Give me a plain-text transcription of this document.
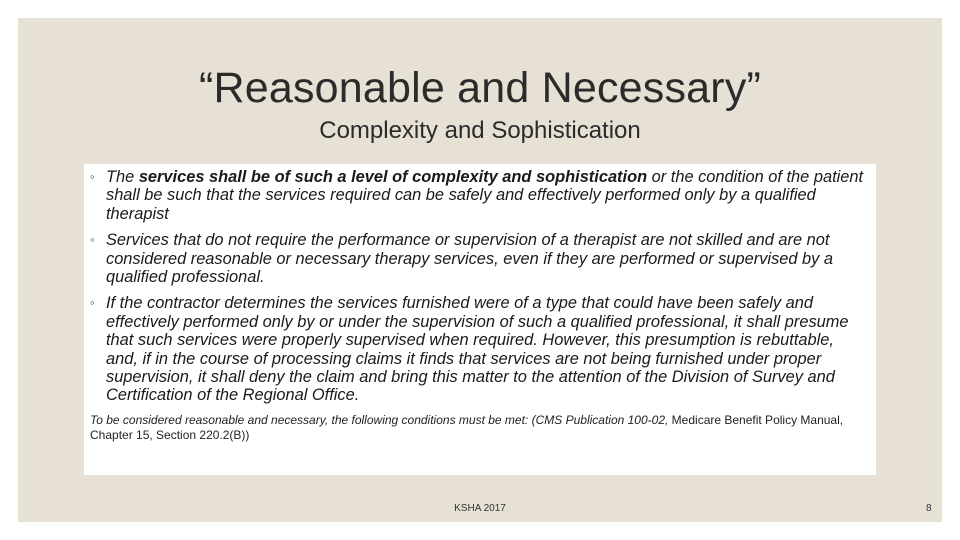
“Reasonable and Necessary”
Complexity and Sophistication
◦ The services shall be of such a level of complexity and sophistication or the condition of the patient shall be such that the services required can be safely and effectively performed only by a qualified therapist
◦ Services that do not require the performance or supervision of a therapist are not skilled and are not considered reasonable or necessary therapy services, even if they are performed or supervised by a qualified professional.
◦ If the contractor determines the services furnished were of a type that could have been safely and effectively performed only by or under the supervision of such a qualified professional, it shall presume that such services were properly supervised when required. However, this presumption is rebuttable, and, if in the course of processing claims it finds that services are not being furnished under proper supervision, it shall deny the claim and bring this matter to the attention of the Division of Survey and Certification of the Regional Office.
To be considered reasonable and necessary, the following conditions must be met: (CMS Publication 100-02, Medicare Benefit Policy Manual, Chapter 15, Section 220.2(B))
KSHA 2017	8
